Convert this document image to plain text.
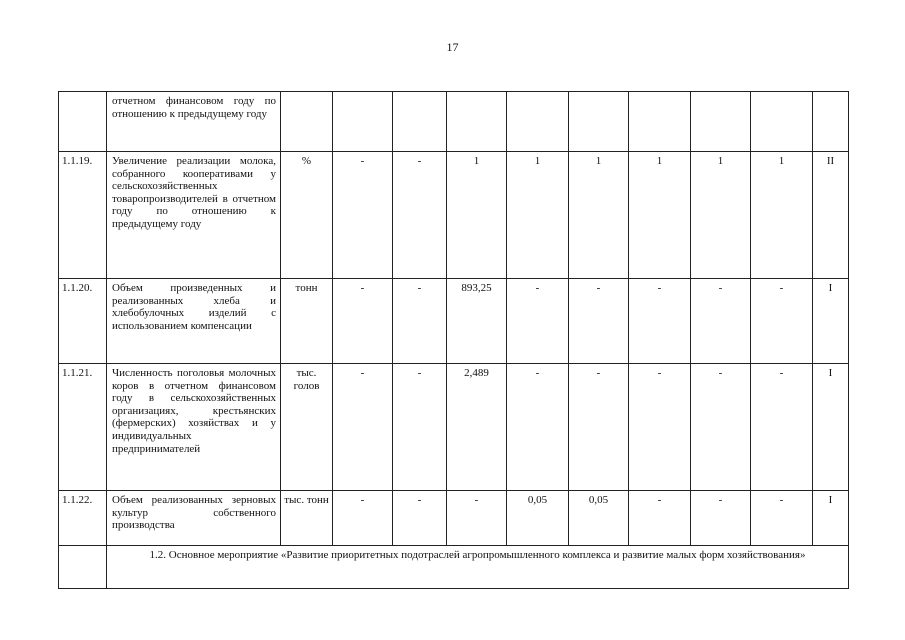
17
	отчетном финансовом году по отношению к предыдущему году										
1.1.19.	Увеличение реализации молока, собранного кооперативами у сельскохозяйственных товаропроизводителей в отчетном году по отношению к предыдущему году	%	-	-	1	1	1	1	1	1	II
1.1.20.	Объем произведенных и реализованных хлеба и хлебобулочных изделий с использованием компенсации	тонн	-	-	893,25	-	-	-	-	-	I
1.1.21.	Численность поголовья молочных коров в отчетном финансовом году в сельскохозяйственных организациях, крестьянских (фермерских) хозяйствах и у индивидуальных предпринимателей	тыс. голов	-	-	2,489	-	-	-	-	-	I
1.1.22.	Объем реализованных зерновых культур собственного производства	тыс. тонн	-	-	-	0,05	0,05	-	-	-	I
	1.2. Основное мероприятие «Развитие приоритетных подотраслей агропромышленного комплекса и развитие малых форм хозяйствования»										
